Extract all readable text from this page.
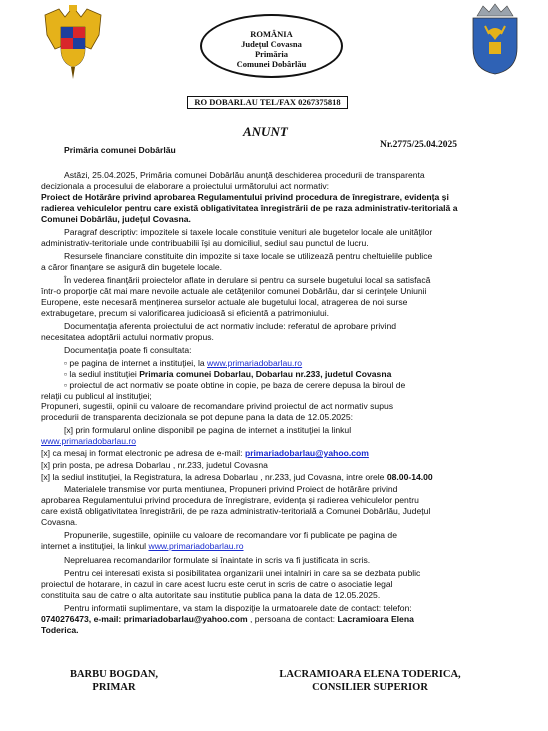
ROMÂNIA
Județul Covasna
Primăria
Comunei Dobârlău
RO DOBARLAU TEL/FAX 0267375818
ANUNT
Nr.2775/25.04.2025
Primăria comunei Dobârlău
Astăzi, 25.04.2025, Primăria comunei Dobârlău anunţă deschiderea procedurii de transparenta
decizionala a procesului de elaborare a proiectului următorului act normativ:
Proiect de Hotărâre privind aprobarea Regulamentului privind procedura de înregistrare, evidența și
radierea vehiculelor pentru care există obligativitatea înregistrării de pe raza administrativ-teritorială a
Comunei Dobârlău, județul Covasna.
Paragraf descriptiv: impozitele si taxele locale constituie venituri ale bugetelor locale ale unităţilor
administrativ-teritoriale unde contribuabilii îşi au domiciliul, sediul sau punctul de lucru.
Resursele financiare constituite din impozite si taxe locale se utilizează pentru cheltuielile publice
a căror finanţare se asigură din bugetele locale.
În vederea finanţării proiectelor aflate in derulare si pentru ca sursele bugetului local sa satisfacă
într-o proporţie cât mai mare nevoile actuale ale cetăţenilor comunei Dobârlău, dar si cerinţele Uniunii
Europene, este necesară menţinerea surselor actuale ale bugetului local, atragerea de noi surse
extrabugetare, precum si valorificarea judicioasă si eficientă a patrimoniului.
Documentaţia aferenta proiectului de act normativ include: referatul de aprobare privind
necesitatea adoptării actului normativ propus.
Documentaţia poate fi consultata:
▫ pe pagina de internet a instituţiei, la www.primariadobarlau.ro
▫ la sediul instituţiei Primaria comunei Dobarlau, Dobarlau nr.233, judetul Covasna
▫ proiectul de act normativ se poate obtine in copie, pe baza de cerere depusa la biroul de
relaţii cu publicul al instituţiei;
Propuneri, sugestii, opinii cu valoare de recomandare privind proiectul de act normativ supus
procedurii de transparenta decizionala se pot depune pana la data de 12.05.2025:
[x] prin formularul online disponibil pe pagina de internet a instituţiei la linkul
www.primariadobarlau.ro
[x] ca mesaj in format electronic pe adresa de e-mail: primariadobarlau@yahoo.com
[x] prin posta, pe adresa Dobarlau , nr.233, judetul Covasna
[x] la sediul instituţiei, la Registratura, la adresa Dobarlau , nr.233, jud Covasna, intre orele 08.00-14.00
Materialele transmise vor purta mentiunea, Propuneri privind Proiect de hotărâre privind
aprobarea Regulamentului privind procedura de înregistrare, evidența și radierea vehiculelor pentru
care există obligativitatea înregistrării, de pe raza administrativ-teritorială a Comunei Dobârlău, Județul
Covasna.
Propunerile, sugestiile, opiniile cu valoare de recomandare vor fi publicate pe pagina de
internet a instituţiei, la linkul www.primariadobarlau.ro
Nepreluarea recomandarilor formulate si înaintate in scris va fi justificata in scris.
Pentru cei interesati exista si posibilitatea organizarii unei intalniri in care sa se dezbata public
proiectul de hotarare, in cazul in care acest lucru este cerut in scris de catre o asociatie legal
constituita sau de catre o alta autoritate sau institutie publica pana la data de 12.05.2025.
Pentru informatii suplimentare, va stam la dispoziţie la urmatoarele date de contact: telefon:
0740276473, e-mail: primariadobarlau@yahoo.com , persoana de contact: Lacramioara Elena
Toderica.
BARBU BOGDAN,
PRIMAR
LACRAMIOARA ELENA TODERICA,
CONSILIER SUPERIOR
